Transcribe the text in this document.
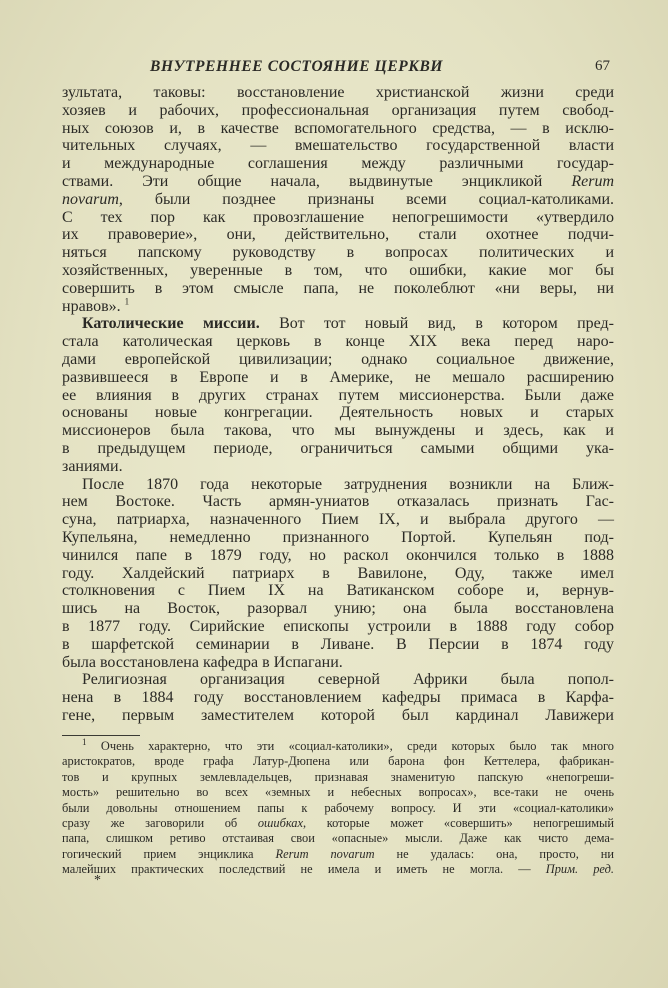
ВНУТРЕННЕЕ СОСТОЯНИЕ ЦЕРКВИ	67
зультата, таковы: восстановление христианской жизни среди
хозяев и рабочих, профессиональная организация путем свобод-
ных союзов и, в качестве вспомогательного средства, — в исклю-
чительных случаях, — вмешательство государственной власти
и международные соглашения между различными государ-
ствами. Эти общие начала, выдвинутые энцикликой Rerum
novarum, были позднее признаны всеми социал-католиками.
С тех пор как провозглашение непогрешимости «утвердило
их правоверие», они, действительно, стали охотнее подчи-
няться папскому руководству в вопросах политических и
хозяйственных, уверенные в том, что ошибки, какие мог бы
совершить в этом смысле папа, не поколеблют «ни веры, ни
нравов». $^1$
Католические миссии. Вот тот новый вид, в котором пред-
стала католическая церковь в конце XIX века перед наро-
дами европейской цивилизации; однако социальное движение,
развившееся в Европе и в Америке, не мешало расширению
ее влияния в других странах путем миссионерства. Были даже
основаны новые конгрегации. Деятельность новых и старых
миссионеров была такова, что мы вынуждены и здесь, как и
в предыдущем периоде, ограничиться самыми общими ука-
заниями.
После 1870 года некоторые затруднения возникли на Ближ-
нем Востоке. Часть армян-униатов отказалась признать Гас-
суна, патриарха, назначенного Пием IX, и выбрала другого —
Купельяна, немедленно признанного Портой. Купельян под-
чинился папе в 1879 году, но раскол окончился только в 1888
году. Халдейский патриарх в Вавилоне, Оду, также имел
столкновения с Пием IX на Ватиканском соборе и, вернув-
шись на Восток, разорвал унию; она была восстановлена
в 1877 году. Сирийские епископы устроили в 1888 году собор
в шарфетской семинарии в Ливане. В Персии в 1874 году
была восстановлена кафедра в Испагани.
Религиозная организация северной Африки была попол-
нена в 1884 году восстановлением кафедры примаса в Карфа-
гене, первым заместителем которой был кардинал Лавижери
$^1$ Очень характерно, что эти «социал-католики», среди которых было так много
аристократов, вроде графа Латур-Дюпена или барона фон Кеттелера, фабрикан-
тов и крупных землевладельцев, признавая знаменитую папскую «непогреши-
мость» решительно во всех «земных и небесных вопросах», все-таки не очень
были довольны отношением папы к рабочему вопросу. И эти «социал-католики»
сразу же заговорили об ошибках, которые может «совершить» непогрешимый
папа, слишком ретиво отстаивая свои «опасные» мысли. Даже как чисто дема-
гогический прием энциклика Rerum novarum не удалась: она, просто, ни
малейших практических последствий не имела и иметь не могла. — Прим. ред.
*
